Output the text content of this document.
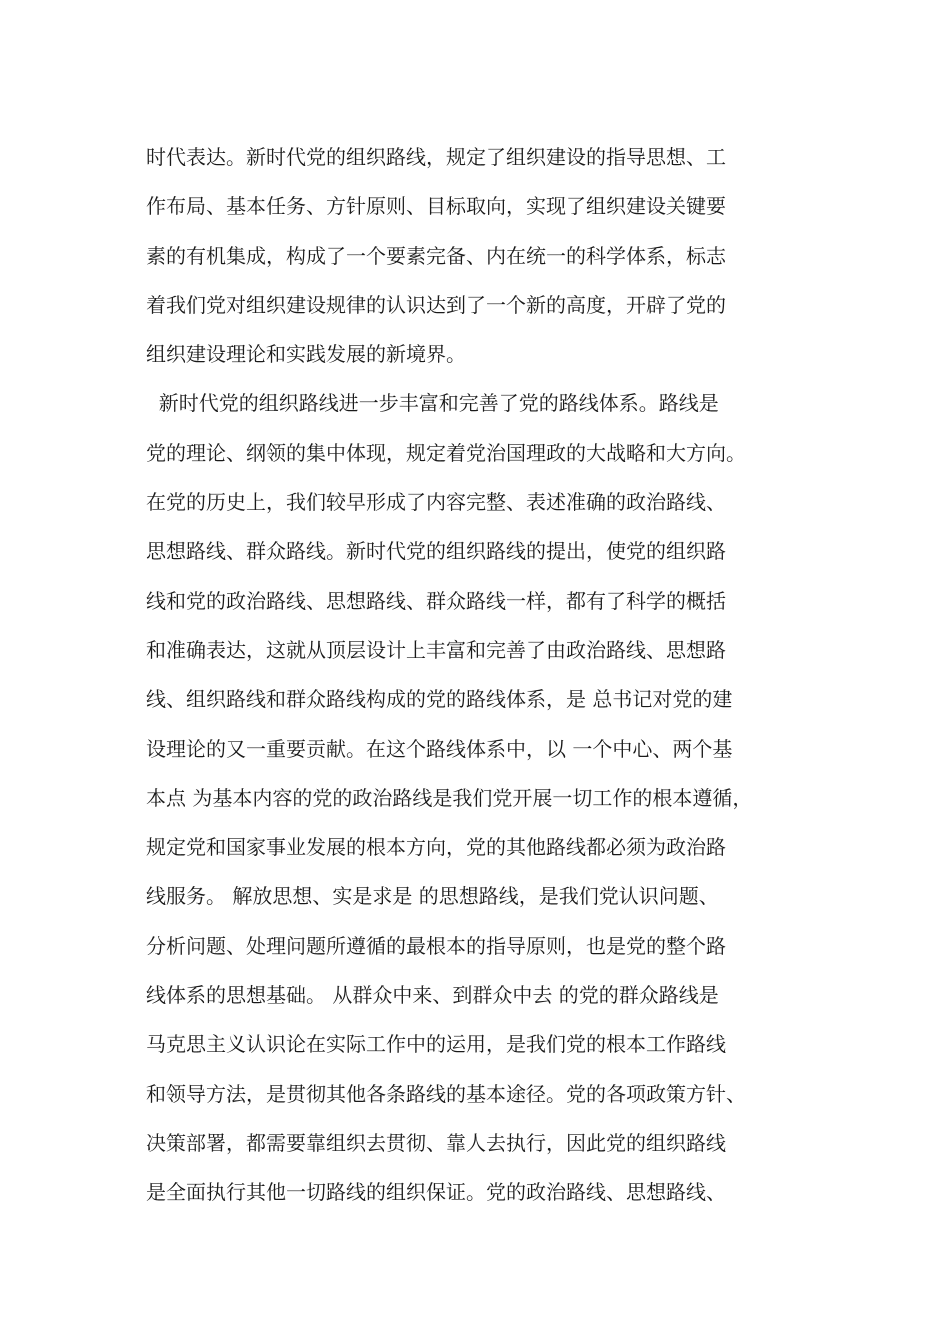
时代表达。新时代党的组织路线，规定了组织建设的指导思想、工
作布局、基本任务、方针原则、目标取向，实现了组织建设关键要
素的有机集成，构成了一个要素完备、内在统一的科学体系，标志
着我们党对组织建设规律的认识达到了一个新的高度，开辟了党的
组织建设理论和实践发展的新境界。
新时代党的组织路线进一步丰富和完善了党的路线体系。路线是
党的理论、纲领的集中体现，规定着党治国理政的大战略和大方向。
在党的历史上，我们较早形成了内容完整、表述准确的政治路线、
思想路线、群众路线。新时代党的组织路线的提出，使党的组织路
线和党的政治路线、思想路线、群众路线一样，都有了科学的概括
和准确表达，这就从顶层设计上丰富和完善了由政治路线、思想路
线、组织路线和群众路线构成的党的路线体系，是 总书记对党的建
设理论的又一重要贡献。在这个路线体系中，以 一个中心、两个基
本点 为基本内容的党的政治路线是我们党开展一切工作的根本遵循，
规定党和国家事业发展的根本方向，党的其他路线都必须为政治路
线服务。 解放思想、实是求是 的思想路线，是我们党认识问题、
分析问题、处理问题所遵循的最根本的指导原则，也是党的整个路
线体系的思想基础。 从群众中来、到群众中去 的党的群众路线是
马克思主义认识论在实际工作中的运用，是我们党的根本工作路线
和领导方法，是贯彻其他各条路线的基本途径。党的各项政策方针、
决策部署，都需要靠组织去贯彻、靠人去执行，因此党的组织路线
是全面执行其他一切路线的组织保证。党的政治路线、思想路线、
